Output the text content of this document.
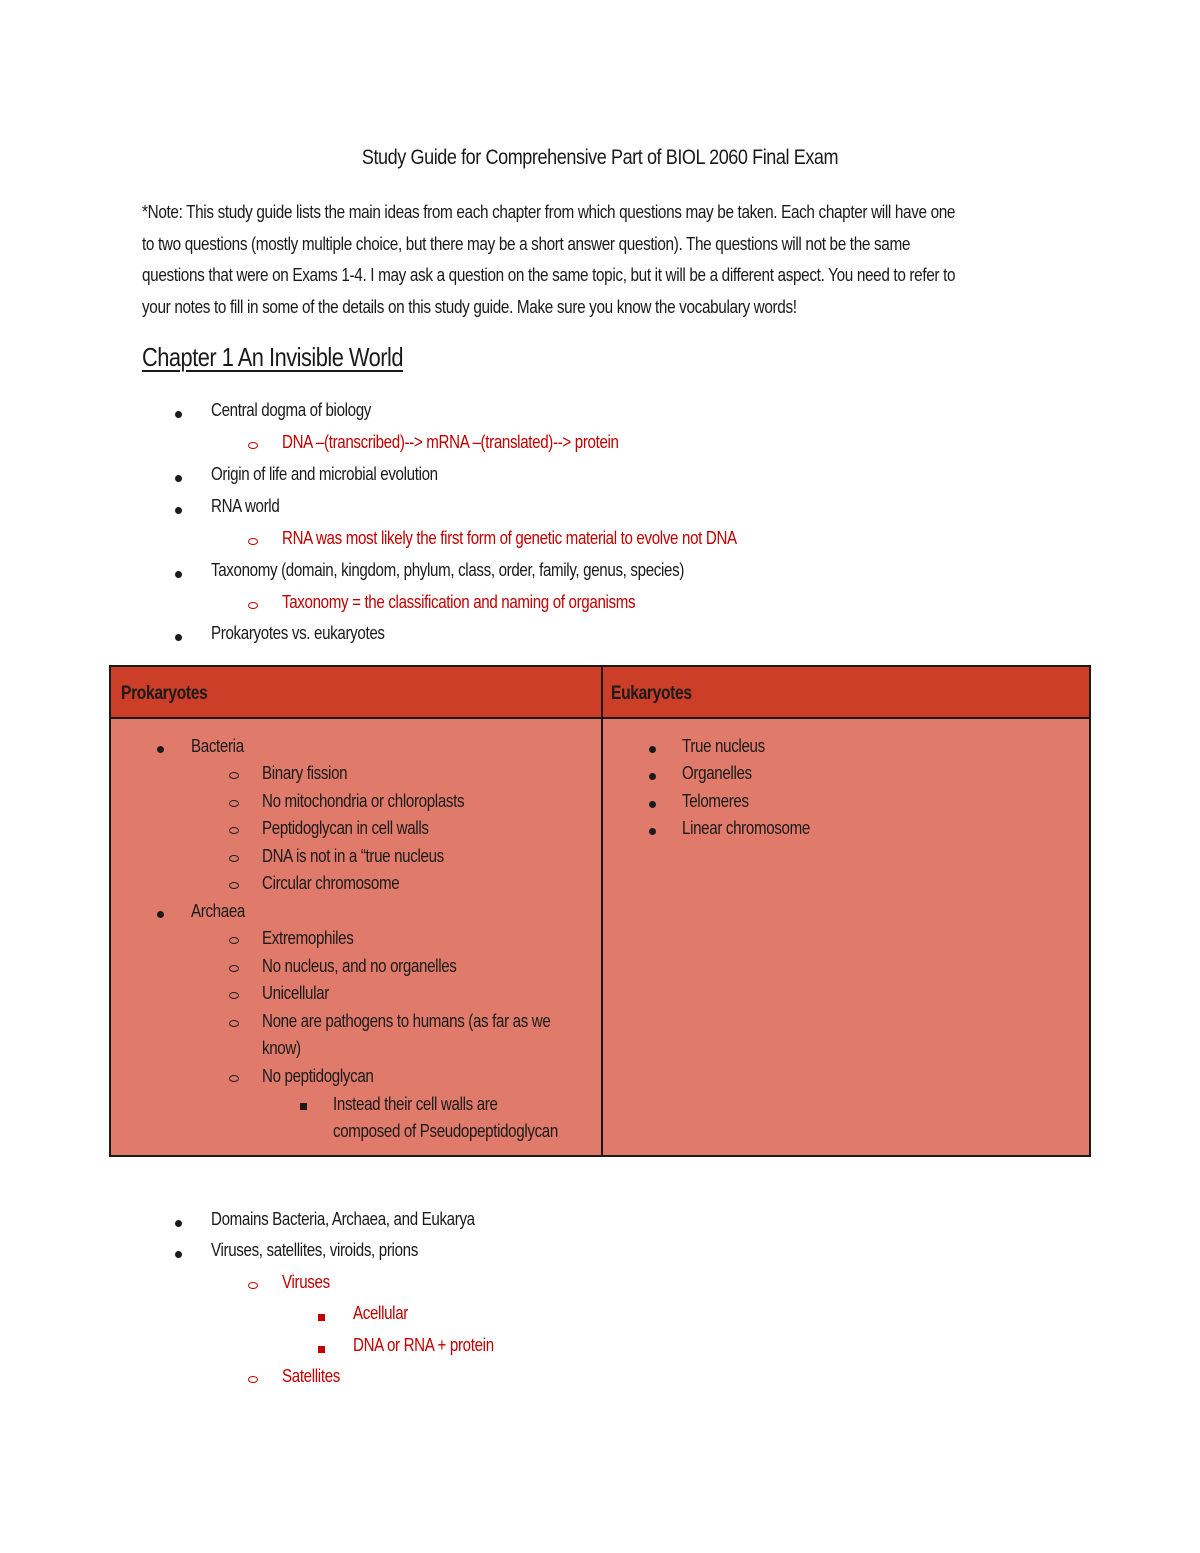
Study Guide for Comprehensive Part of BIOL 2060 Final Exam
*Note: This study guide lists the main ideas from each chapter from which questions may be taken. Each chapter will have one
to two questions (mostly multiple choice, but there may be a short answer question). The questions will not be the same
questions that were on Exams 1-4. I may ask a question on the same topic, but it will be a different aspect. You need to refer to
your notes to fill in some of the details on this study guide. Make sure you know the vocabulary words!
Chapter 1 An Invisible World
Central dogma of biology
DNA –(transcribed)--> mRNA –(translated)--> protein
Origin of life and microbial evolution
RNA world
RNA was most likely the first form of genetic material to evolve not DNA
Taxonomy (domain, kingdom, phylum, class, order, family, genus, species)
Taxonomy = the classification and naming of organisms
Prokaryotes vs. eukaryotes
Prokaryotes	Eukaryotes
Bacteria
Binary fission
No mitochondria or chloroplasts
Peptidoglycan in cell walls
DNA is not in a “true nucleus
Circular chromosome
Archaea
Extremophiles
No nucleus, and no organelles
Unicellular
None are pathogens to humans (as far as we
know)
No peptidoglycan
Instead their cell walls are
composed of Pseudopeptidoglycan
True nucleus
Organelles
Telomeres
Linear chromosome
Domains Bacteria, Archaea, and Eukarya
Viruses, satellites, viroids, prions
Viruses
Acellular
DNA or RNA + protein
Satellites
